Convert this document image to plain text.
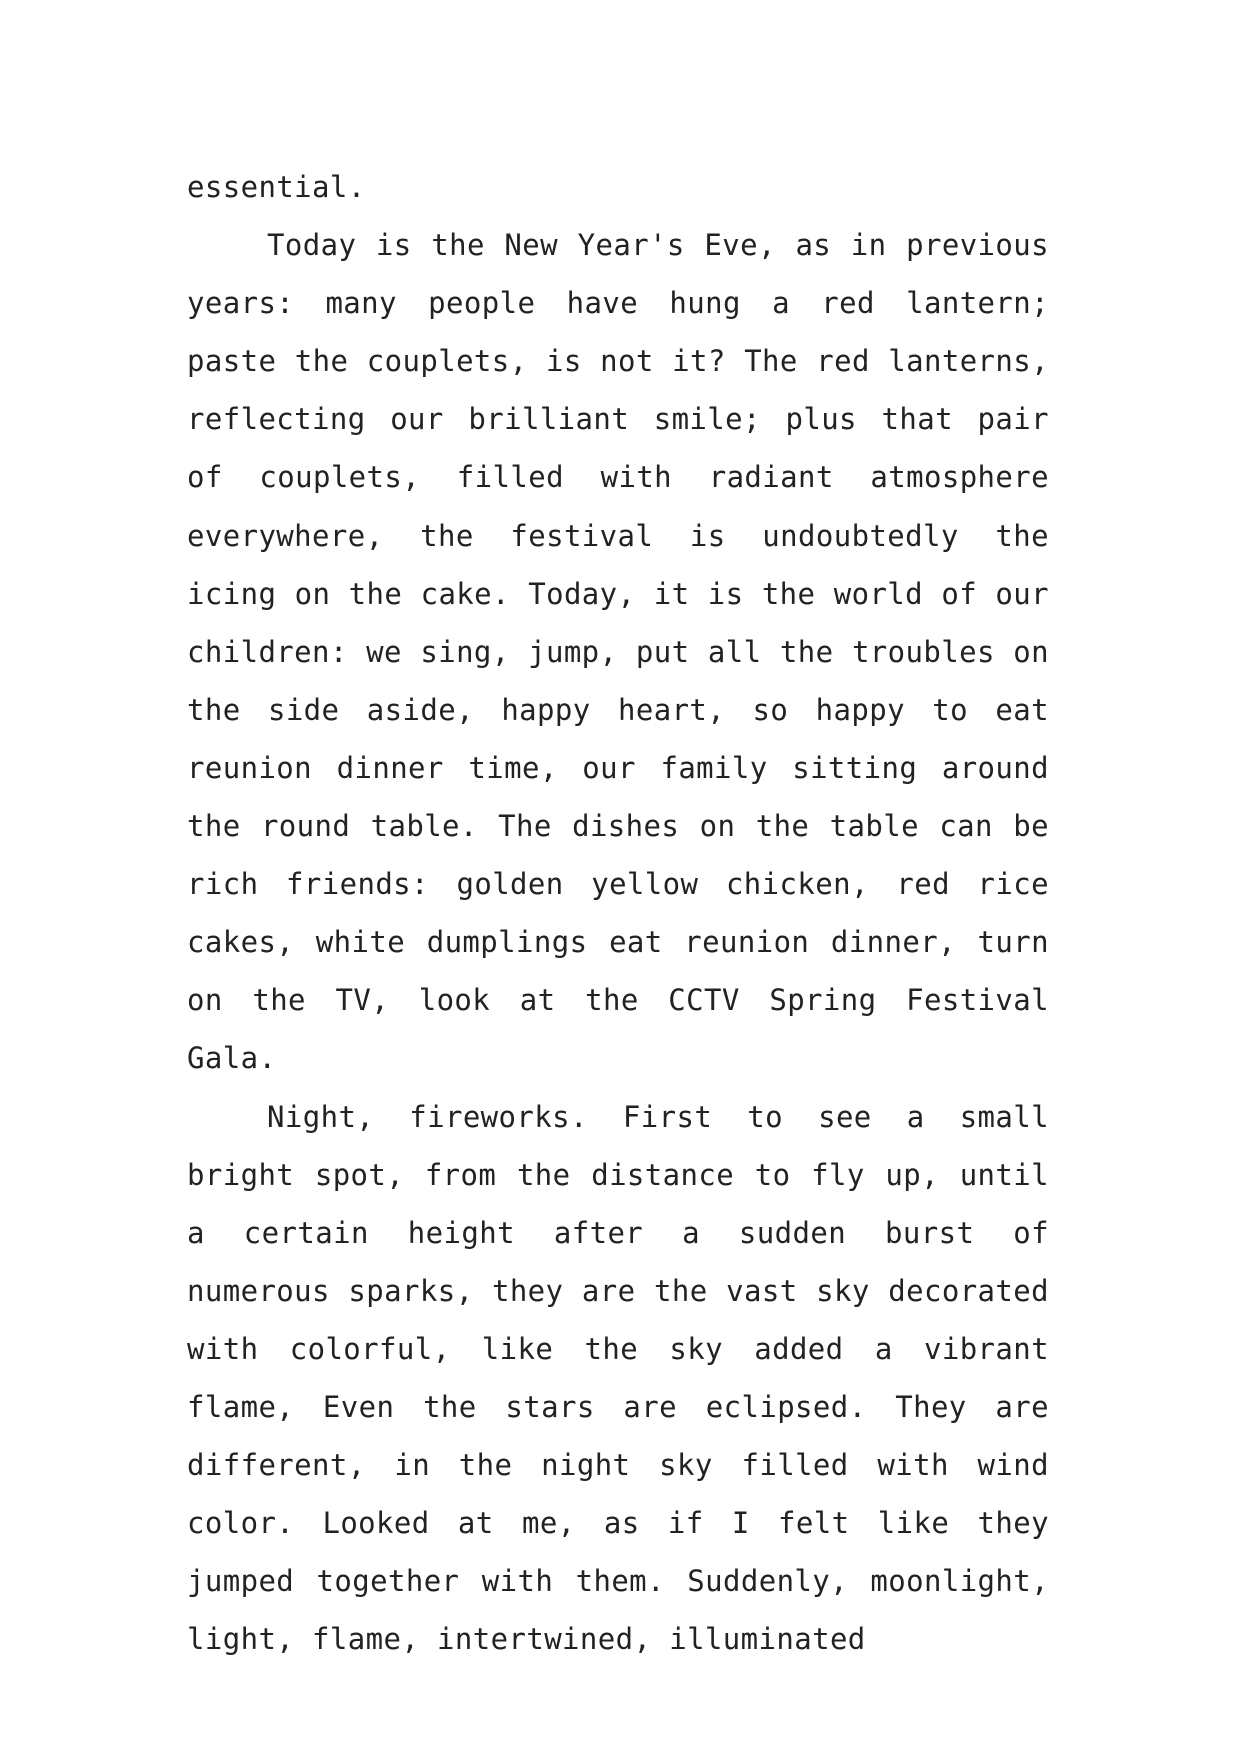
essential.

Today is the New Year's Eve, as in previous years: many people have hung a red lantern; paste the couplets, is not it? The red lanterns, reflecting our brilliant smile; plus that pair of couplets, filled with radiant atmosphere everywhere, the festival is undoubtedly the icing on the cake. Today, it is the world of our children: we sing, jump, put all the troubles on the side aside, happy heart, so happy to eat reunion dinner time, our family sitting around the round table. The dishes on the table can be rich friends: golden yellow chicken, red rice cakes, white dumplings eat reunion dinner, turn on the TV, look at the CCTV Spring Festival Gala.

Night, fireworks. First to see a small bright spot, from the distance to fly up, until a certain height after a sudden burst of numerous sparks, they are the vast sky decorated with colorful, like the sky added a vibrant flame, Even the stars are eclipsed. They are different, in the night sky filled with wind color. Looked at me, as if I felt like they jumped together with them. Suddenly, moonlight, light, flame, intertwined, illuminated
